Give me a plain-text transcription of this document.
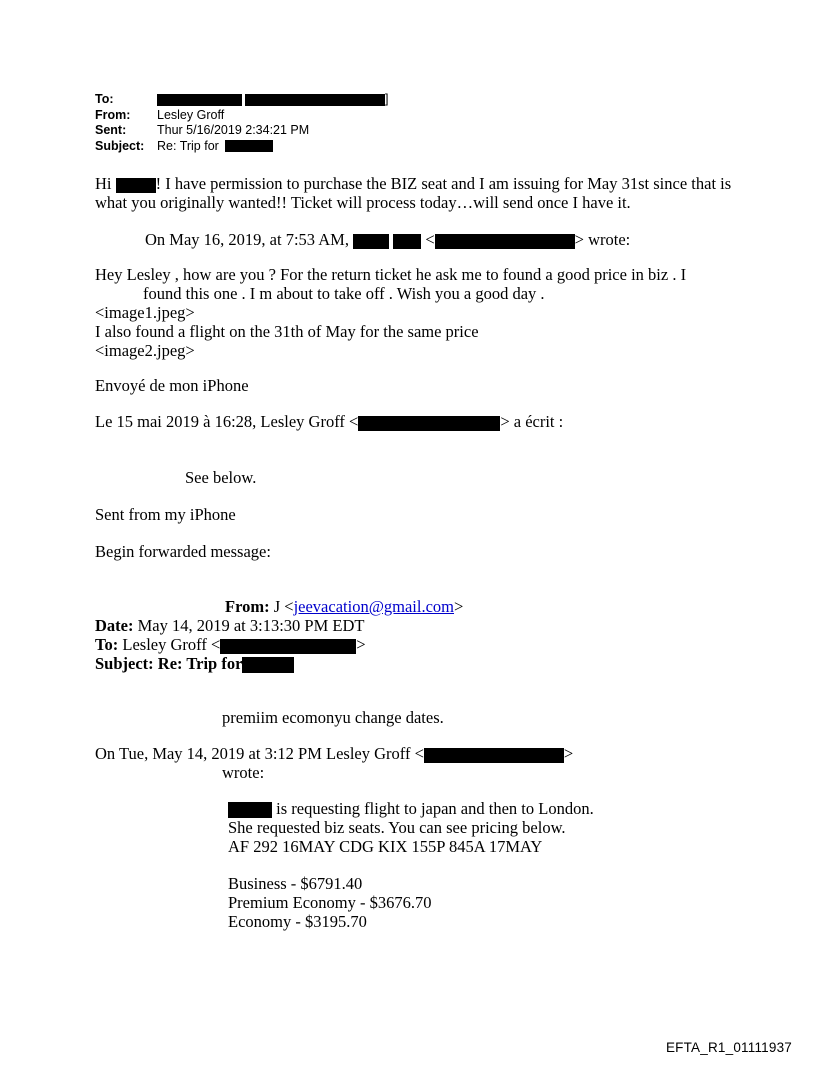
To:	]
From:	Lesley Groff
Sent:	Thur 5/16/2019 2:34:21 PM
Subject:	Re: Trip for
Hi	! I have permission to purchase the BIZ seat and I am issuing for May 31st since that is what you originally wanted!! Ticket will process today…will send once I have it.
On May 16, 2019, at 7:53 AM,	<	> wrote:
Hey Lesley , how are you ? For the return ticket he ask me to found a good price in biz . I
found this one . I m about to take off . Wish you a good day .
<image1.jpeg>
I also found a flight on the 31th of May for the same price
<image2.jpeg>
Envoyé de mon iPhone
Le 15 mai 2019 à 16:28, Lesley Groff <	> a écrit :
See below.
Sent from my iPhone
Begin forwarded message:
From: J <jeevacation@gmail.com>
Date: May 14, 2019 at 3:13:30 PM EDT
To: Lesley Groff <	>
Subject: Re: Trip for
premiim ecomonyu change dates.
On Tue, May 14, 2019 at 3:12 PM Lesley Groff <	>
wrote:
is requesting flight to japan and then to London.
She requested biz seats. You can see pricing below.
AF 292 16MAY CDG KIX 155P 845A 17MAY
Business - $6791.40
Premium Economy - $3676.70
Economy - $3195.70
EFTA_R1_01111937
